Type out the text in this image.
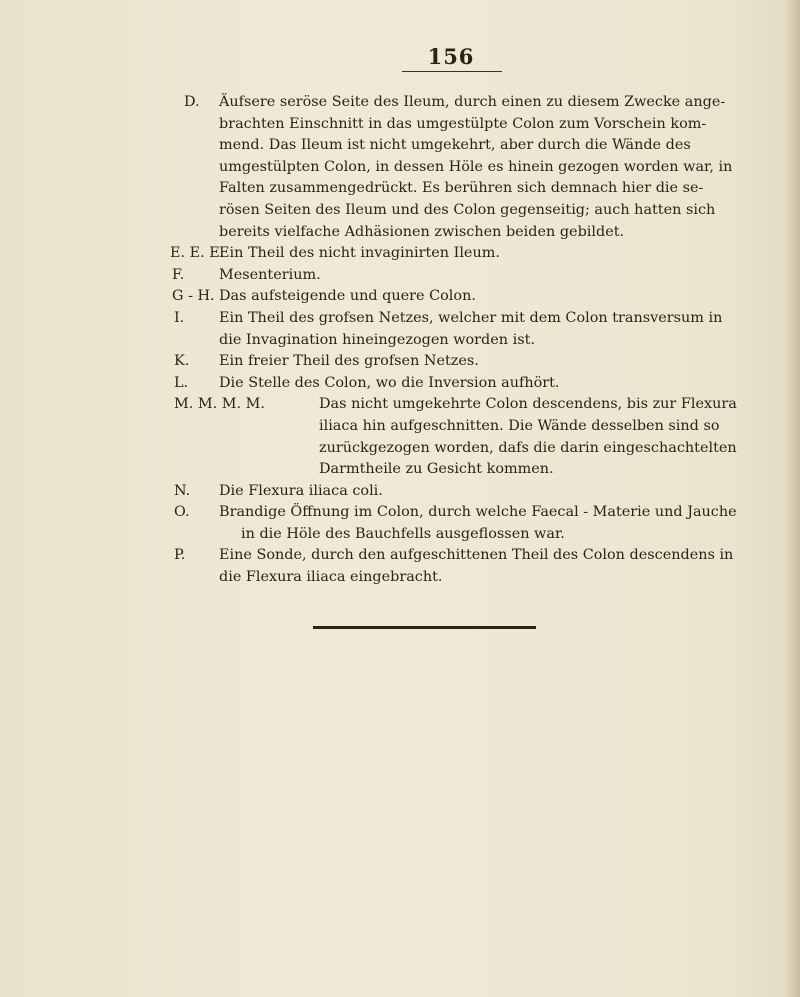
156
D. Äufsere seröse Seite des Ileum, durch einen zu diesem Zwecke ange-
brachten Einschnitt in das umgestülpte Colon zum Vorschein kom-
mend. Das Ileum ist nicht umgekehrt, aber durch die Wände des
umgestülpten Colon, in dessen Höle es hinein gezogen worden war, in
Falten zusammengedrückt. Es berühren sich demnach hier die se-
rösen Seiten des Ileum und des Colon gegenseitig; auch hatten sich
bereits vielfache Adhäsionen zwischen beiden gebildet.
E. E. E.
Ein Theil des nicht invaginirten Ileum.
F. Mesenterium.
G - H. Das aufsteigende und quere Colon.
I. Ein Theil des grofsen Netzes, welcher mit dem Colon transversum in
die Invagination hineingezogen worden ist.
K. Ein freier Theil des grofsen Netzes.
L. Die Stelle des Colon, wo die Inversion aufhört.
M. M. M. M.	Das nicht umgekehrte Colon descendens, bis zur Flexura
iliaca hin aufgeschnitten. Die Wände desselben sind so
zurückgezogen worden, dafs die darin eingeschachtelten
Darmtheile zu Gesicht kommen.
N. Die Flexura iliaca coli.
O. Brandige Öffnung im Colon, durch welche Faecal - Materie und Jauche
in die Höle des Bauchfells ausgeflossen war.
P. Eine Sonde, durch den aufgeschittenen Theil des Colon descendens in
die Flexura iliaca eingebracht.
